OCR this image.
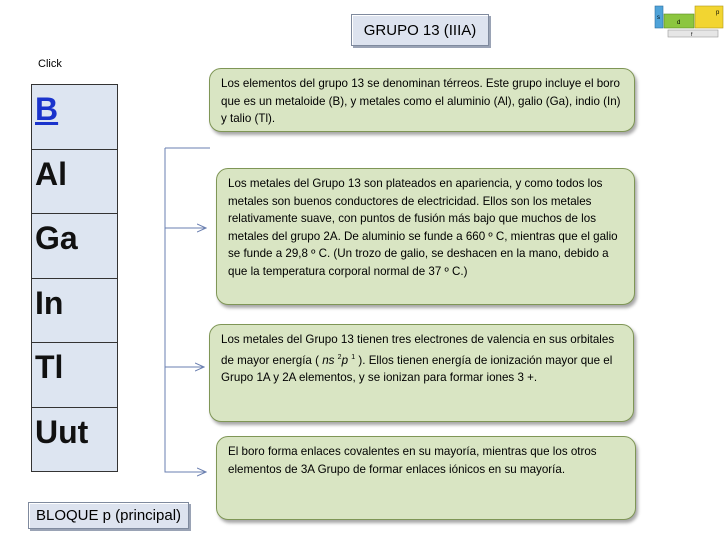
GRUPO 13 (IIIA)
s
d
p
f
Click
B
Al
Ga
In
Tl
Uut
BLOQUE p (principal)

Los elementos del grupo 13 se denominan térreos. Este grupo incluye el boro que es un metaloide (B), y metales como el aluminio (Al), galio (Ga), indio (In) y talio (Tl).

Los metales del Grupo 13 son plateados en apariencia, y como todos los metales son buenos conductores de electricidad. Ellos son los metales relativamente suave, con puntos de fusión más bajo que muchos de los metales del grupo 2A. De aluminio se funde a 660 º C, mientras que el galio se funde a 29,8 º C. (Un trozo de galio, se deshacen en la mano, debido a que la temperatura corporal normal de 37 º C.)

Los metales del Grupo 13 tienen tres electrones de valencia en sus orbitales de mayor energía ( ns $^2$p $^1$ ). Ellos tienen energía de ionización mayor que el Grupo 1A y 2A elementos, y se ionizan para formar iones 3 +.

El boro forma enlaces covalentes en su mayoría, mientras que los otros elementos de 3A Grupo de formar enlaces iónicos en su mayoría.
